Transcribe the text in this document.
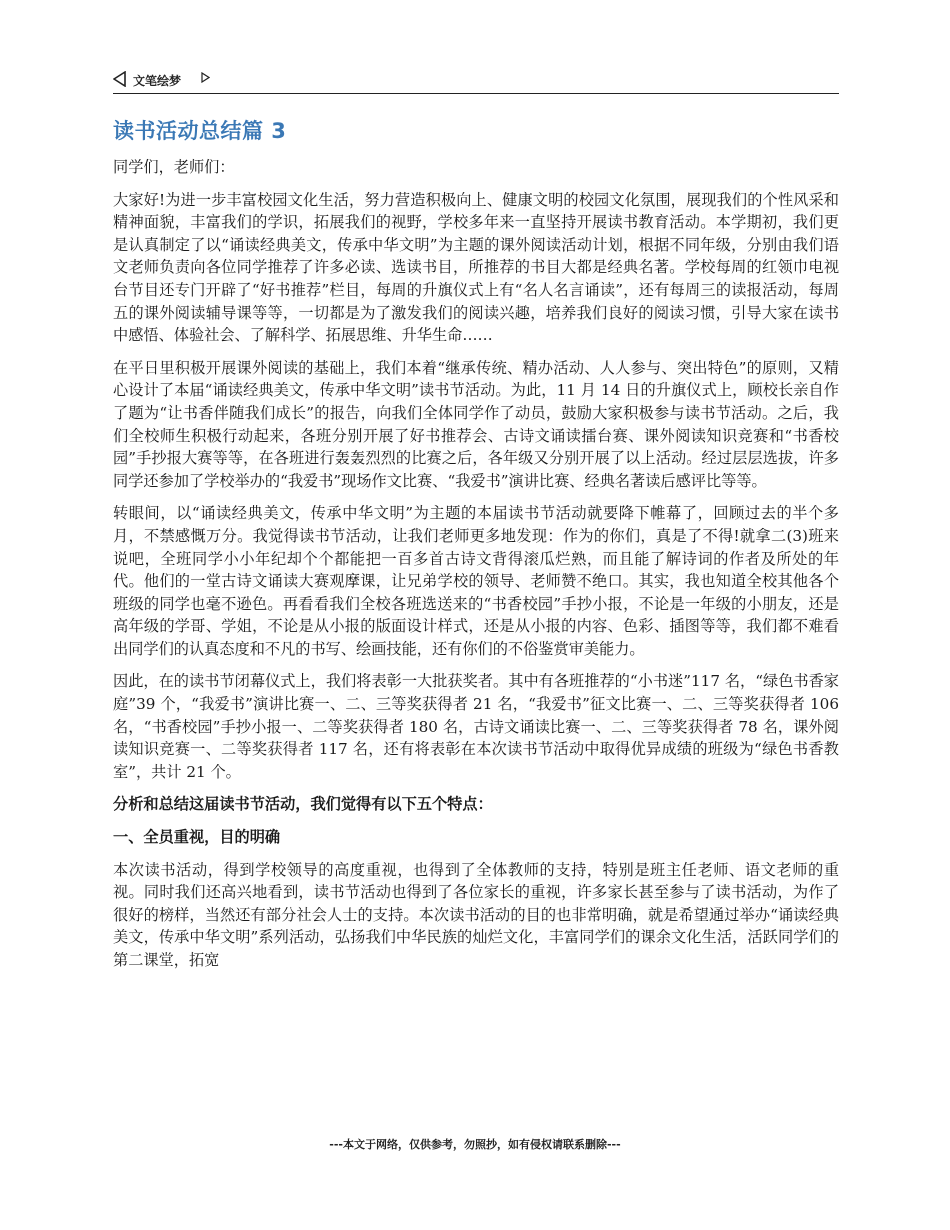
文笔绘梦
读书活动总结篇 3

同学们，老师们：

大家好!为进一步丰富校园文化生活，努力营造积极向上、健康文明的校园文化氛围，展现我们的个性风采和精神面貌，丰富我们的学识，拓展我们的视野，学校多年来一直坚持开展读书教育活动。本学期初，我们更是认真制定了以“诵读经典美文，传承中华文明”为主题的课外阅读活动计划，根据不同年级，分别由我们语文老师负责向各位同学推荐了许多必读、选读书目，所推荐的书目大都是经典名著。学校每周的红领巾电视台节目还专门开辟了“好书推荐”栏目，每周的升旗仪式上有“名人名言诵读”，还有每周三的读报活动，每周五的课外阅读辅导课等等，一切都是为了激发我们的阅读兴趣，培养我们良好的阅读习惯，引导大家在读书中感悟、体验社会、了解科学、拓展思维、升华生命……

在平日里积极开展课外阅读的基础上，我们本着“继承传统、精办活动、人人参与、突出特色”的原则，又精心设计了本届“诵读经典美文，传承中华文明”读书节活动。为此，11 月 14 日的升旗仪式上，顾校长亲自作了题为“让书香伴随我们成长”的报告，向我们全体同学作了动员，鼓励大家积极参与读书节活动。之后，我们全校师生积极行动起来，各班分别开展了好书推荐会、古诗文诵读擂台赛、课外阅读知识竞赛和“书香校园”手抄报大赛等等，在各班进行轰轰烈烈的比赛之后，各年级又分别开展了以上活动。经过层层选拔，许多同学还参加了学校举办的“我爱书”现场作文比赛、“我爱书”演讲比赛、经典名著读后感评比等等。

转眼间，以“诵读经典美文，传承中华文明”为主题的本届读书节活动就要降下帷幕了，回顾过去的半个多月，不禁感慨万分。我觉得读书节活动，让我们老师更多地发现：作为的你们，真是了不得!就拿二(3)班来说吧，全班同学小小年纪却个个都能把一百多首古诗文背得滚瓜烂熟，而且能了解诗词的作者及所处的年代。他们的一堂古诗文诵读大赛观摩课，让兄弟学校的领导、老师赞不绝口。其实，我也知道全校其他各个班级的同学也毫不逊色。再看看我们全校各班选送来的“书香校园”手抄小报，不论是一年级的小朋友，还是高年级的学哥、学姐，不论是从小报的版面设计样式，还是从小报的内容、色彩、插图等等，我们都不难看出同学们的认真态度和不凡的书写、绘画技能，还有你们的不俗鉴赏审美能力。

因此，在的读书节闭幕仪式上，我们将表彰一大批获奖者。其中有各班推荐的“小书迷”117 名，“绿色书香家庭”39 个，“我爱书”演讲比赛一、二、三等奖获得者 21 名，“我爱书”征文比赛一、二、三等奖获得者 106 名，“书香校园”手抄小报一、二等奖获得者 180 名，古诗文诵读比赛一、二、三等奖获得者 78 名，课外阅读知识竞赛一、二等奖获得者 117 名，还有将表彰在本次读书节活动中取得优异成绩的班级为“绿色书香教室”，共计 21 个。

分析和总结这届读书节活动，我们觉得有以下五个特点：
一、全员重视，目的明确

本次读书活动，得到学校领导的高度重视，也得到了全体教师的支持，特别是班主任老师、语文老师的重视。同时我们还高兴地看到，读书节活动也得到了各位家长的重视，许多家长甚至参与了读书活动，为作了很好的榜样，当然还有部分社会人士的支持。本次读书活动的目的也非常明确，就是希望通过举办“诵读经典美文，传承中华文明”系列活动，弘扬我们中华民族的灿烂文化，丰富同学们的课余文化生活，活跃同学们的第二课堂，拓宽

---本文于网络，仅供参考，勿照抄，如有侵权请联系删除---
